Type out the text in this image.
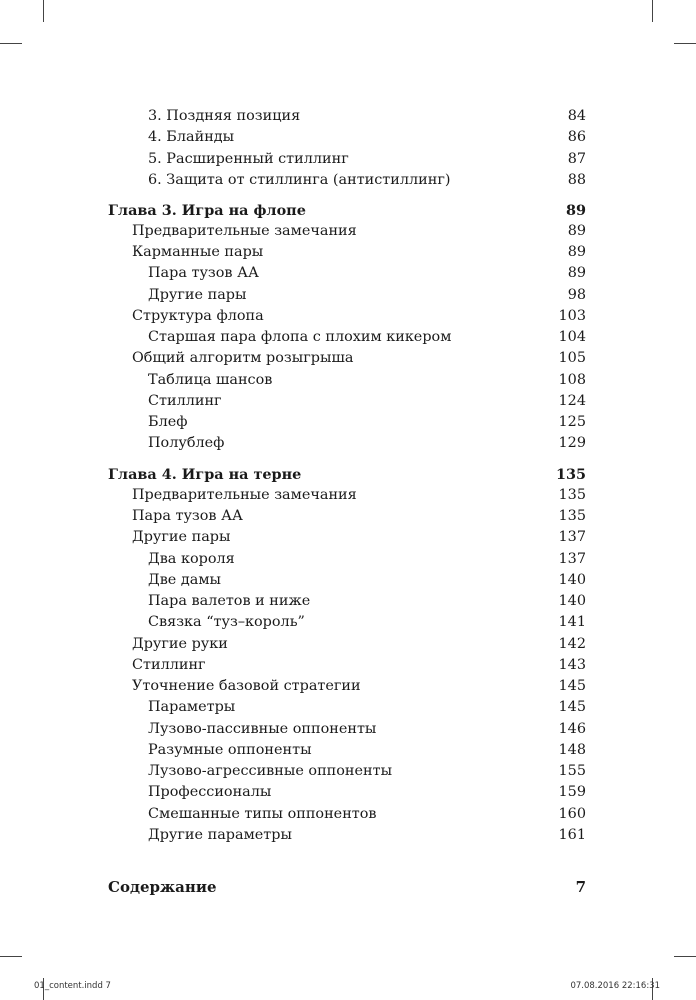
3. Поздняя позиция	84
4. Блайнды	86
5. Расширенный стиллинг	87
6. Защита от стиллинга (антистиллинг)	88
Глава 3. Игра на флопе	89
Предварительные замечания	89
Карманные пары	89
Пара тузов АА	89
Другие пары	98
Структура флопа	103
Старшая пара флопа с плохим кикером	104
Общий алгоритм розыгрыша	105
Таблица шансов	108
Стиллинг	124
Блеф	125
Полублеф	129
Глава 4. Игра на терне	135
Предварительные замечания	135
Пара тузов АА	135
Другие пары	137
Два короля	137
Две дамы	140
Пара валетов и ниже	140
Связка “туз–король”	141
Другие руки	142
Стиллинг	143
Уточнение базовой стратегии	145
Параметры	145
Лузово-пассивные оппоненты	146
Разумные оппоненты	148
Лузово-агрессивные оппоненты	155
Профессионалы	159
Смешанные типы оппонентов	160
Другие параметры	161
Содержание	7
01_content.indd 7	07.08.2016 22:16:31
